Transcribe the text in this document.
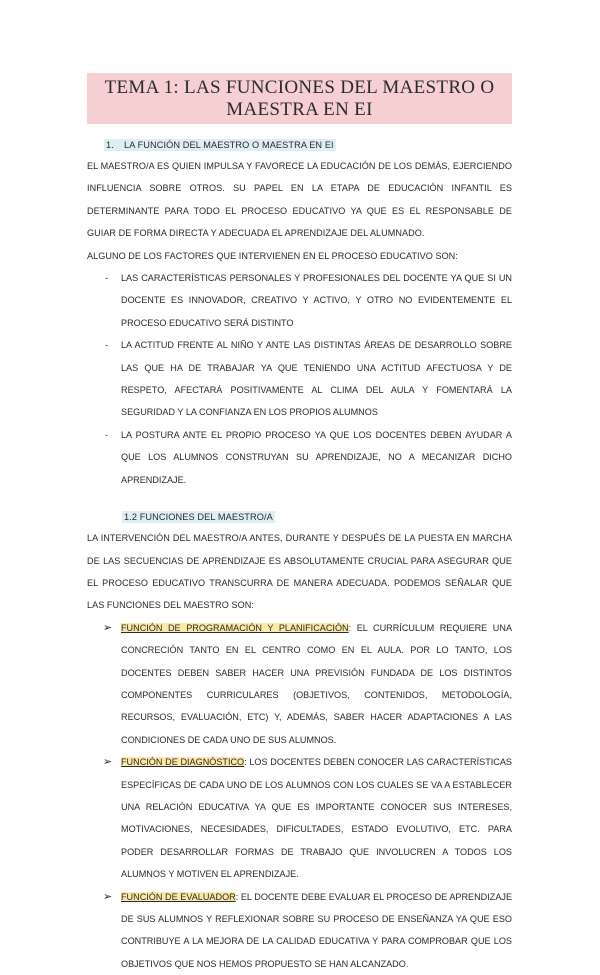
TEMA 1: LAS FUNCIONES DEL MAESTRO O MAESTRA EN EI
1. LA FUNCIÓN DEL MAESTRO O MAESTRA EN EI

EL MAESTRO/A ES QUIEN IMPULSA Y FAVORECE LA EDUCACIÓN DE LOS DEMÁS, EJERCIENDO INFLUENCIA SOBRE OTROS. SU PAPEL EN LA ETAPA DE EDUCACIÓN INFANTIL ES DETERMINANTE PARA TODO EL PROCESO EDUCATIVO YA QUE ES EL RESPONSABLE DE GUIAR DE FORMA DIRECTA Y ADECUADA EL APRENDIZAJE DEL ALUMNADO.

ALGUNO DE LOS FACTORES QUE INTERVIENEN EN EL PROCESO EDUCATIVO SON:

- LAS CARACTERÍSTICAS PERSONALES Y PROFESIONALES DEL DOCENTE YA QUE SI UN DOCENTE ES INNOVADOR, CREATIVO Y ACTIVO, Y OTRO NO EVIDENTEMENTE EL PROCESO EDUCATIVO SERÁ DISTINTO
- LA ACTITUD FRENTE AL NIÑO Y ANTE LAS DISTINTAS ÁREAS DE DESARROLLO SOBRE LAS QUE HA DE TRABAJAR YA QUE TENIENDO UNA ACTITUD AFECTUOSA Y DE RESPETO, AFECTARÁ POSITIVAMENTE AL CLIMA DEL AULA Y FOMENTARÁ LA SEGURIDAD Y LA CONFIANZA EN LOS PROPIOS ALUMNOS
- LA POSTURA ANTE EL PROPIO PROCESO YA QUE LOS DOCENTES DEBEN AYUDAR A QUE LOS ALUMNOS CONSTRUYAN SU APRENDIZAJE, NO A MECANIZAR DICHO APRENDIZAJE.
1.2 FUNCIONES DEL MAESTRO/A

LA INTERVENCIÓN DEL MAESTRO/A ANTES, DURANTE Y DESPUÉS DE LA PUESTA EN MARCHA DE LAS SECUENCIAS DE APRENDIZAJE ES ABSOLUTAMENTE CRUCIAL PARA ASEGURAR QUE EL PROCESO EDUCATIVO TRANSCURRA DE MANERA ADECUADA. PODEMOS SEÑALAR QUE LAS FUNCIONES DEL MAESTRO SON:

➢ FUNCIÓN DE PROGRAMACIÓN Y PLANIFICACIÓN: EL CURRÍCULUM REQUIERE UNA CONCRECIÓN TANTO EN EL CENTRO COMO EN EL AULA. POR LO TANTO, LOS DOCENTES DEBEN SABER HACER UNA PREVISIÓN FUNDADA DE LOS DISTINTOS COMPONENTES CURRICULARES (OBJETIVOS, CONTENIDOS, METODOLOGÍA, RECURSOS, EVALUACIÓN, ETC) Y, ADEMÁS, SABER HACER ADAPTACIONES A LAS CONDICIONES DE CADA UNO DE SUS ALUMNOS.
➢ FUNCIÓN DE DIAGNÓSTICO: LOS DOCENTES DEBEN CONOCER LAS CARACTERÍSTICAS ESPECÍFICAS DE CADA UNO DE LOS ALUMNOS CON LOS CUALES SE VA A ESTABLECER UNA RELACIÓN EDUCATIVA YA QUE ES IMPORTANTE CONOCER SUS INTERESES, MOTIVACIONES, NECESIDADES, DIFICULTADES, ESTADO EVOLUTIVO, ETC. PARA PODER DESARROLLAR FORMAS DE TRABAJO QUE INVOLUCREN A TODOS LOS ALUMNOS Y MOTIVEN EL APRENDIZAJE.
➢ FUNCIÓN DE EVALUADOR: EL DOCENTE DEBE EVALUAR EL PROCESO DE APRENDIZAJE DE SUS ALUMNOS Y REFLEXIONAR SOBRE SU PROCESO DE ENSEÑANZA YA QUE ESO CONTRIBUYE A LA MEJORA DE LA CALIDAD EDUCATIVA Y PARA COMPROBAR QUE LOS OBJETIVOS QUE NOS HEMOS PROPUESTO SE HAN ALCANZADO.
